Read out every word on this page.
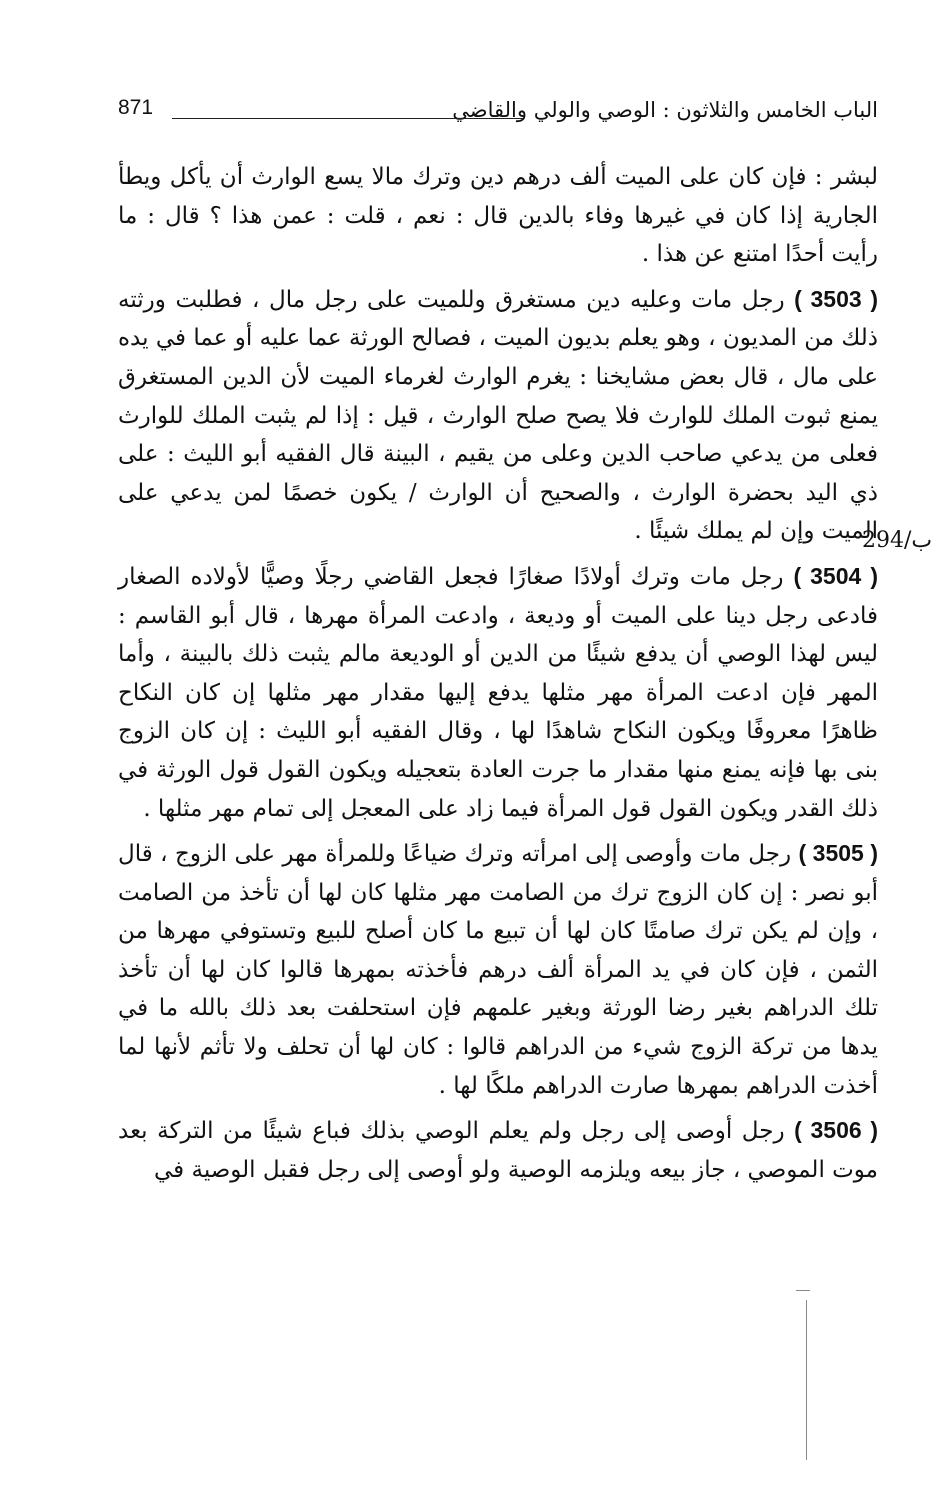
الباب الخامس والثلاثون : الوصي والولي والقاضي
871
294/ب

لبشر : فإن كان على الميت ألف درهم دين وترك مالا يسع الوارث أن يأكل ويطأ الجارية إذا كان في غيرها وفاء بالدين قال : نعم ، قلت : عمن هذا ؟ قال : ما رأيت أحدًا امتنع عن هذا .

( 3503 ) رجل مات وعليه دين مستغرق وللميت على رجل مال ، فطلبت ورثته ذلك من المديون ، وهو يعلم بديون الميت ، فصالح الورثة عما عليه أو عما في يده على مال ، قال بعض مشايخنا : يغرم الوارث لغرماء الميت لأن الدين المستغرق يمنع ثبوت الملك للوارث فلا يصح صلح الوارث ، قيل : إذا لم يثبت الملك للوارث فعلى من يدعي صاحب الدين وعلى من يقيم ، البينة قال الفقيه أبو الليث : على ذي اليد بحضرة الوارث ، والصحيح أن الوارث / يكون خصمًا لمن يدعي على الميت وإن لم يملك شيئًا .

( 3504 ) رجل مات وترك أولادًا صغارًا فجعل القاضي رجلًا وصيًّا لأولاده الصغار فادعى رجل دينا على الميت أو وديعة ، وادعت المرأة مهرها ، قال أبو القاسم : ليس لهذا الوصي أن يدفع شيئًا من الدين أو الوديعة مالم يثبت ذلك بالبينة ، وأما المهر فإن ادعت المرأة مهر مثلها يدفع إليها مقدار مهر مثلها إن كان النكاح ظاهرًا معروفًا ويكون النكاح شاهدًا لها ، وقال الفقيه أبو الليث : إن كان الزوج بنى بها فإنه يمنع منها مقدار ما جرت العادة بتعجيله ويكون القول قول الورثة في ذلك القدر ويكون القول قول المرأة فيما زاد على المعجل إلى تمام مهر مثلها .

( 3505 ) رجل مات وأوصى إلى امرأته وترك ضياعًا وللمرأة مهر على الزوج ، قال أبو نصر : إن كان الزوج ترك من الصامت مهر مثلها كان لها أن تأخذ من الصامت ، وإن لم يكن ترك صامتًا كان لها أن تبيع ما كان أصلح للبيع وتستوفي مهرها من الثمن ، فإن كان في يد المرأة ألف درهم فأخذته بمهرها قالوا كان لها أن تأخذ تلك الدراهم بغير رضا الورثة وبغير علمهم فإن استحلفت بعد ذلك بالله ما في يدها من تركة الزوج شيء من الدراهم قالوا : كان لها أن تحلف ولا تأثم لأنها لما أخذت الدراهم بمهرها صارت الدراهم ملكًا لها .

( 3506 ) رجل أوصى إلى رجل ولم يعلم الوصي بذلك فباع شيئًا من التركة بعد موت الموصي ، جاز بيعه ويلزمه الوصية ولو أوصى إلى رجل فقبل الوصية في
